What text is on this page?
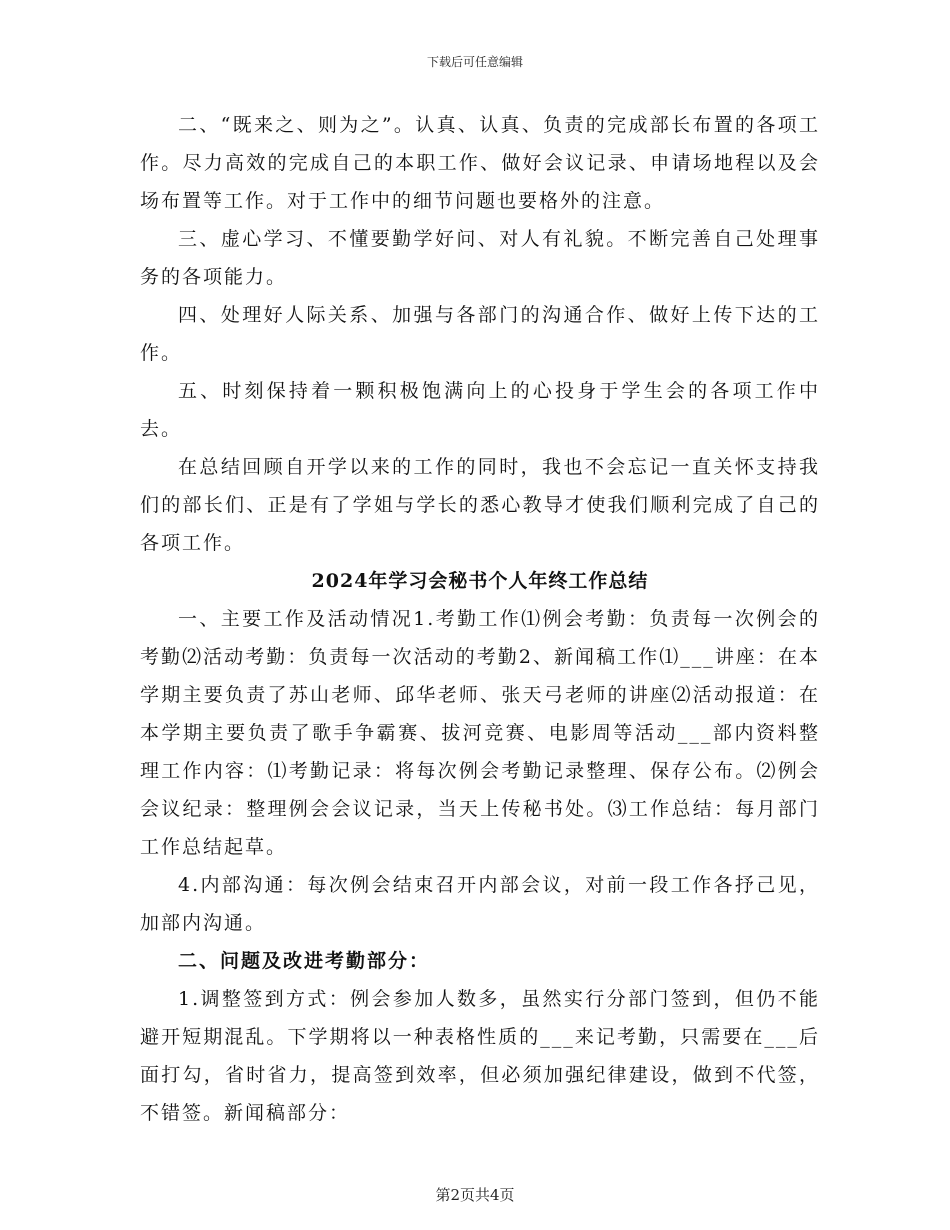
下载后可任意编辑

二、“既来之、则为之”。认真、认真、负责的完成部长布置的各项工作。尽力高效的完成自己的本职工作、做好会议记录、申请场地程以及会场布置等工作。对于工作中的细节问题也要格外的注意。

三、虚心学习、不懂要勤学好问、对人有礼貌。不断完善自己处理事务的各项能力。

四、处理好人际关系、加强与各部门的沟通合作、做好上传下达的工作。

五、时刻保持着一颗积极饱满向上的心投身于学生会的各项工作中去。

在总结回顾自开学以来的工作的同时，我也不会忘记一直关怀支持我们的部长们、正是有了学姐与学长的悉心教导才使我们顺利完成了自己的各项工作。

2024年学习会秘书个人年终工作总结

一、主要工作及活动情况1.考勤工作⑴例会考勤：负责每一次例会的考勤⑵活动考勤：负责每一次活动的考勤2、新闻稿工作⑴___讲座：在本学期主要负责了苏山老师、邱华老师、张天弓老师的讲座⑵活动报道：在本学期主要负责了歌手争霸赛、拔河竞赛、电影周等活动___部内资料整理工作内容：⑴考勤记录：将每次例会考勤记录整理、保存公布。⑵例会会议纪录：整理例会会议记录，当天上传秘书处。⑶工作总结：每月部门工作总结起草。

4.内部沟通：每次例会结束召开内部会议，对前一段工作各抒己见，加部内沟通。

二、问题及改进考勤部分：

1.调整签到方式：例会参加人数多，虽然实行分部门签到，但仍不能避开短期混乱。下学期将以一种表格性质的___来记考勤，只需要在___后面打勾，省时省力，提高签到效率，但必须加强纪律建设，做到不代签，不错签。新闻稿部分：

第2页共4页
